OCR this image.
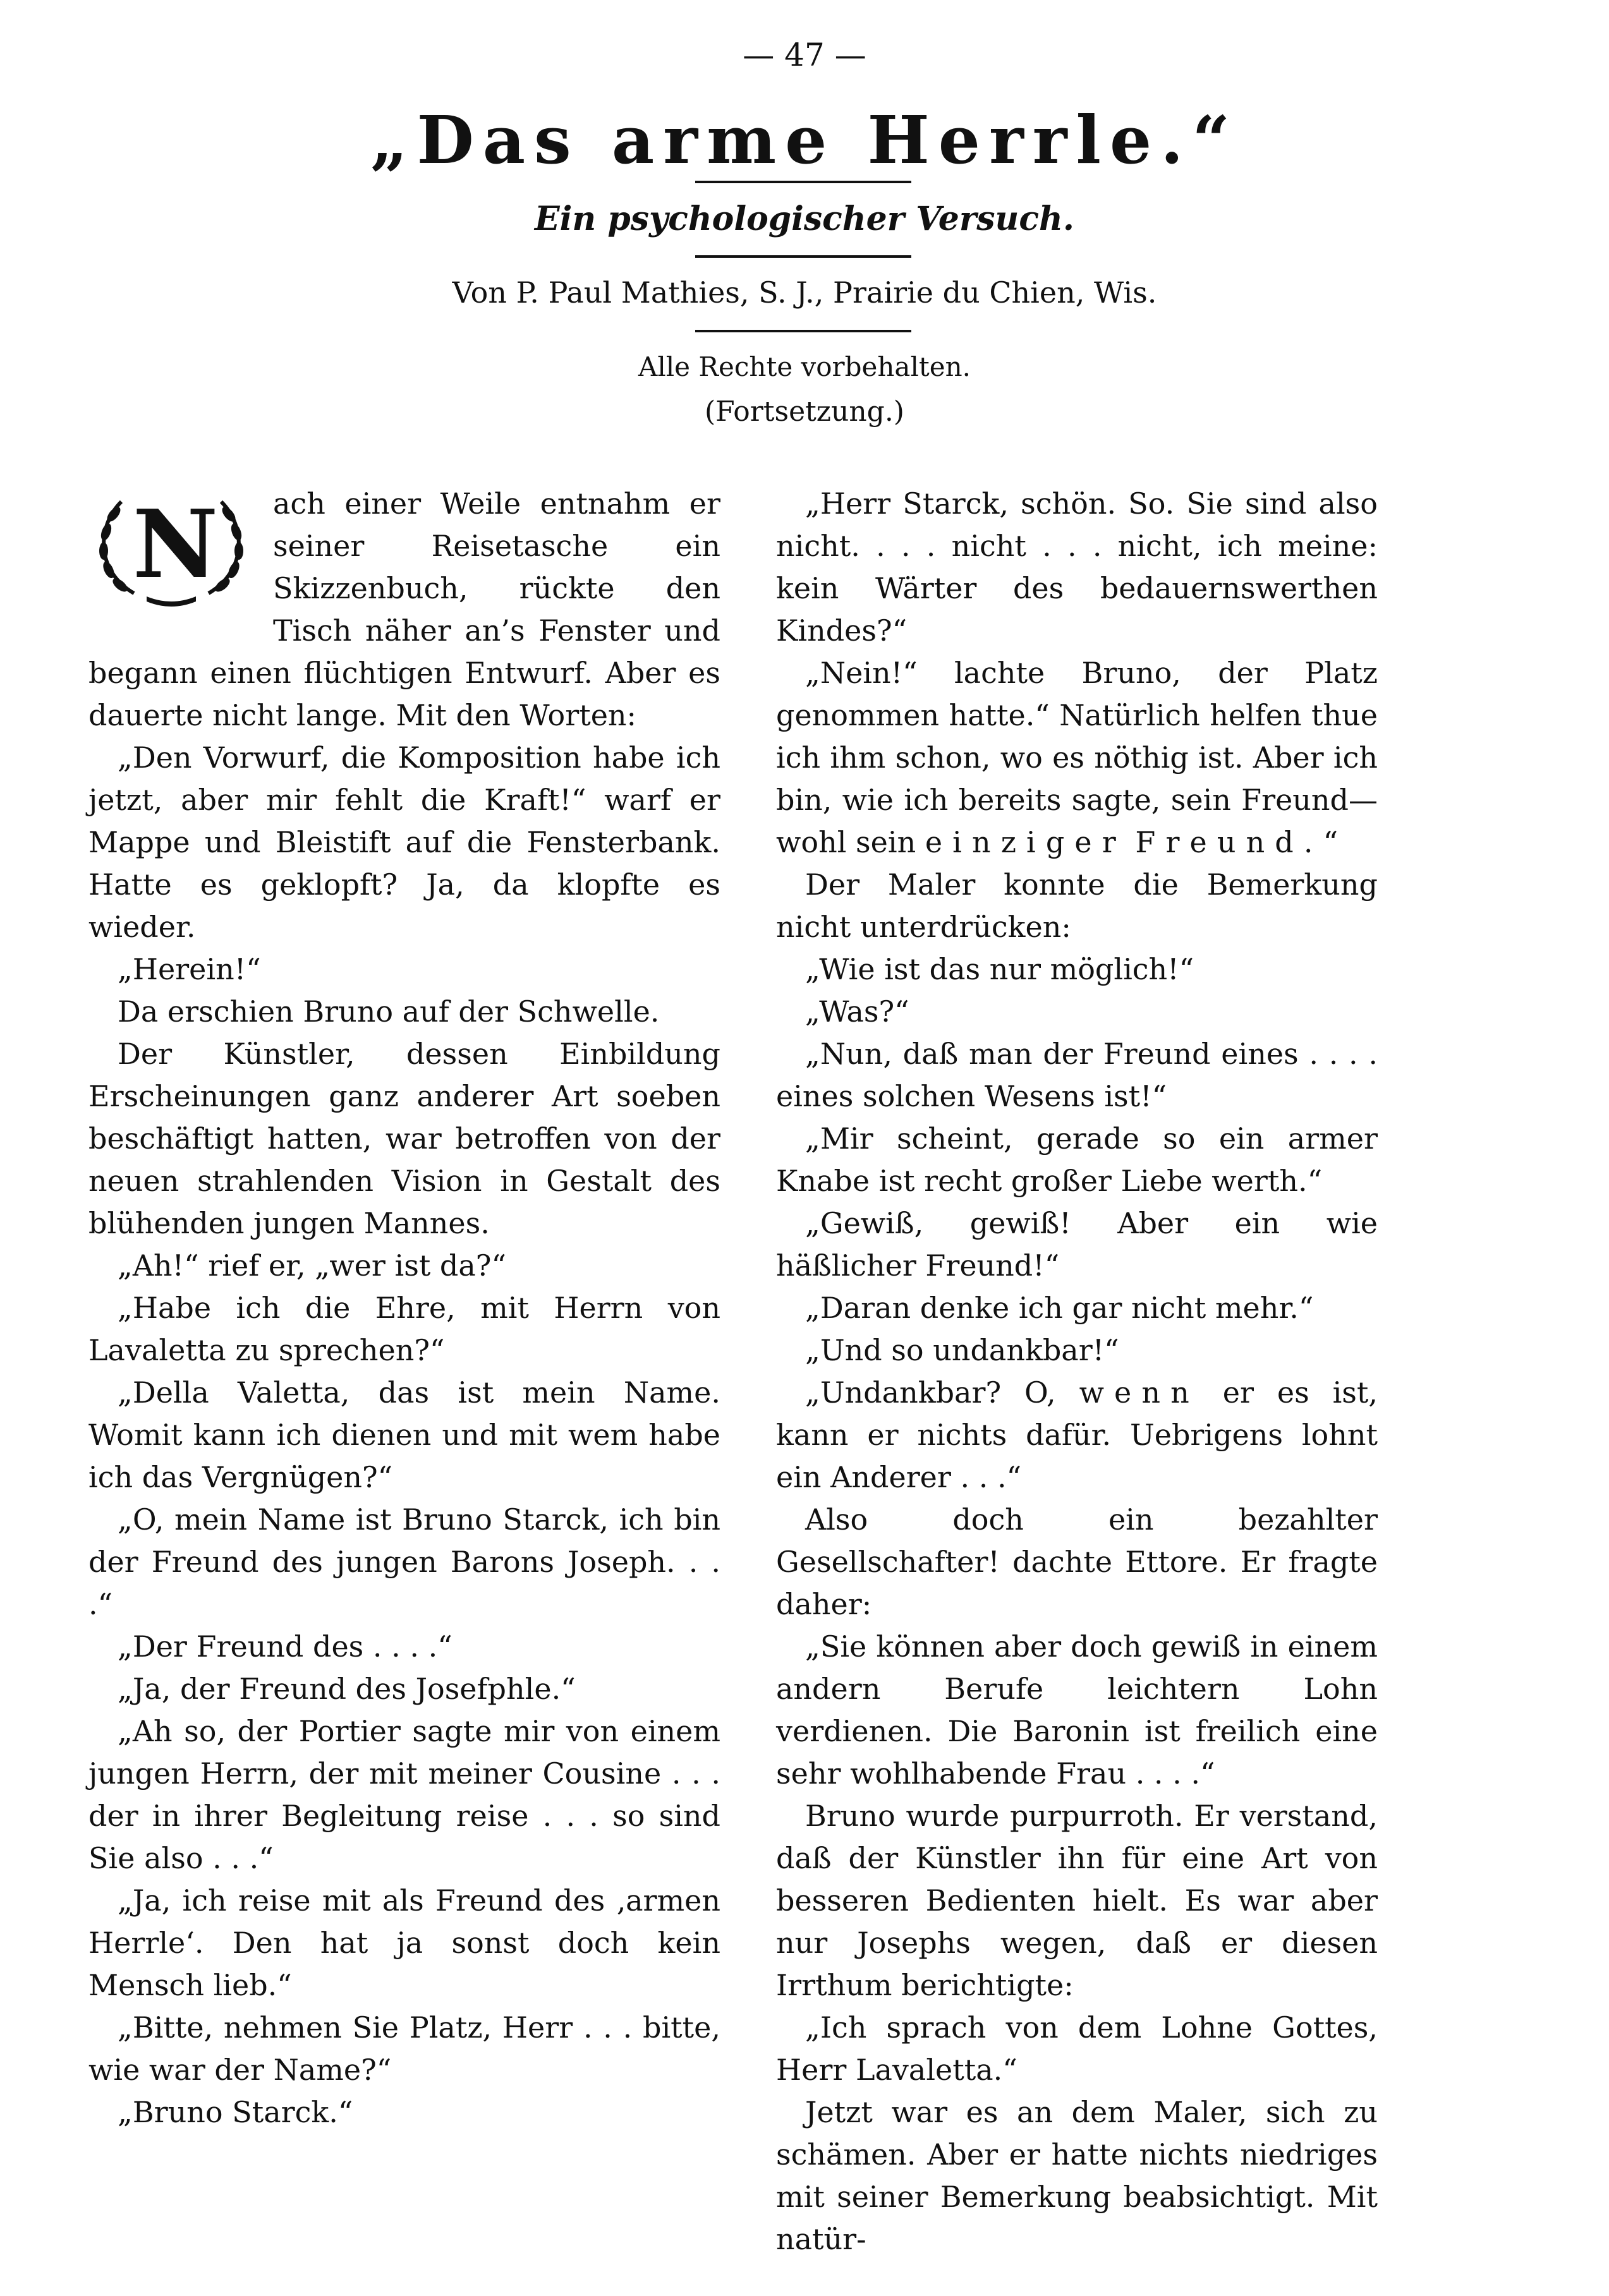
— 47 —
„Das arme Herrle.“
Ein psychologischer Versuch.
Von P. Paul Mathies, S. J., Prairie du Chien, Wis.
Alle Rechte vorbehalten.
(Fortsetzung.)
N	ach einer Weile entnahm er seiner Reisetasche ein Skizzenbuch, rückte den Tisch näher an’s Fenster und begann einen flüchtigen Entwurf. Aber es dauerte nicht lange. Mit den Worten:

„Den Vorwurf, die Komposition habe ich jetzt, aber mir fehlt die Kraft!“ warf er Mappe und Bleistift auf die Fensterbank. Hatte es geklopft? Ja, da klopfte es wieder.

„Herein!“

Da erschien Bruno auf der Schwelle.

Der Künstler, dessen Einbildung Erscheinungen ganz anderer Art soeben beschäftigt hatten, war betroffen von der neuen strahlenden Vision in Gestalt des blühenden jungen Mannes.

„Ah!“ rief er, „wer ist da?“

„Habe ich die Ehre, mit Herrn von Lavaletta zu sprechen?“

„Della Valetta, das ist mein Name. Womit kann ich dienen und mit wem habe ich das Vergnügen?“

„O, mein Name ist Bruno Starck, ich bin der Freund des jungen Barons Joseph. . . .“

„Der Freund des . . . .“

„Ja, der Freund des Josefphle.“

„Ah so, der Portier sagte mir von einem jungen Herrn, der mit meiner Cousine . . . der in ihrer Begleitung reise . . . so sind Sie also . . .“

„Ja, ich reise mit als Freund des ‚armen Herrle‘. Den hat ja sonst doch kein Mensch lieb.“

„Bitte, nehmen Sie Platz, Herr . . . bitte, wie war der Name?“

„Bruno Starck.“

„Herr Starck, schön. So. Sie sind also nicht. . . . nicht . . . nicht, ich meine: kein Wärter des bedauernswerthen Kindes?“

„Nein!“ lachte Bruno, der Platz genommen hatte.“ Natürlich helfen thue ich ihm schon, wo es nöthig ist. Aber ich bin, wie ich bereits sagte, sein Freund—wohl sein einziger Freund.“

Der Maler konnte die Bemerkung nicht unterdrücken:

„Wie ist das nur möglich!“

„Was?“

„Nun, daß man der Freund eines . . . . eines solchen Wesens ist!“

„Mir scheint, gerade so ein armer Knabe ist recht großer Liebe werth.“

„Gewiß, gewiß! Aber ein wie häßlicher Freund!“

„Daran denke ich gar nicht mehr.“

„Und so undankbar!“

„Undankbar? O, wenn er es ist, kann er nichts dafür. Uebrigens lohnt ein Anderer . . .“

Also doch ein bezahlter Gesellschafter! dachte Ettore. Er fragte daher:

„Sie können aber doch gewiß in einem andern Berufe leichtern Lohn verdienen. Die Baronin ist freilich eine sehr wohlhabende Frau . . . .“

Bruno wurde purpurroth. Er verstand, daß der Künstler ihn für eine Art von besseren Bedienten hielt. Es war aber nur Josephs wegen, daß er diesen Irrthum berichtigte:

„Ich sprach von dem Lohne Gottes, Herr Lavaletta.“

Jetzt war es an dem Maler, sich zu schämen. Aber er hatte nichts niedriges mit seiner Bemerkung beabsichtigt. Mit natür-
